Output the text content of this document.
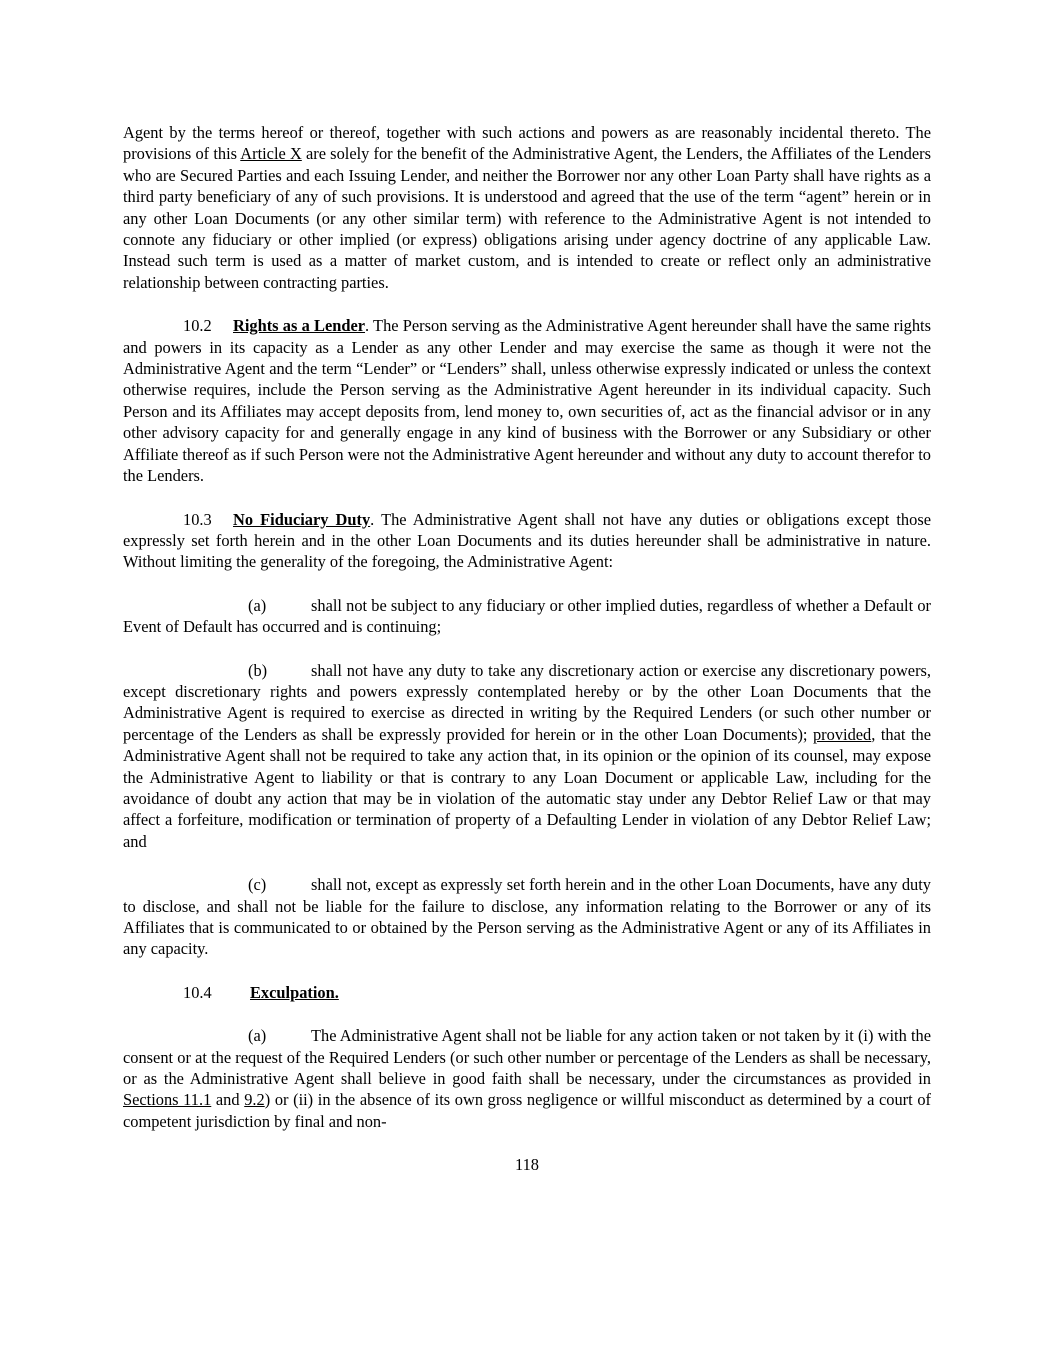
Agent by the terms hereof or thereof, together with such actions and powers as are reasonably incidental thereto. The provisions of this Article X are solely for the benefit of the Administrative Agent, the Lenders, the Affiliates of the Lenders who are Secured Parties and each Issuing Lender, and neither the Borrower nor any other Loan Party shall have rights as a third party beneficiary of any of such provisions. It is understood and agreed that the use of the term “agent” herein or in any other Loan Documents (or any other similar term) with reference to the Administrative Agent is not intended to connote any fiduciary or other implied (or express) obligations arising under agency doctrine of any applicable Law. Instead such term is used as a matter of market custom, and is intended to create or reflect only an administrative relationship between contracting parties.

10.2 Rights as a Lender. The Person serving as the Administrative Agent hereunder shall have the same rights and powers in its capacity as a Lender as any other Lender and may exercise the same as though it were not the Administrative Agent and the term “Lender” or “Lenders” shall, unless otherwise expressly indicated or unless the context otherwise requires, include the Person serving as the Administrative Agent hereunder in its individual capacity. Such Person and its Affiliates may accept deposits from, lend money to, own securities of, act as the financial advisor or in any other advisory capacity for and generally engage in any kind of business with the Borrower or any Subsidiary or other Affiliate thereof as if such Person were not the Administrative Agent hereunder and without any duty to account therefor to the Lenders.

10.3 No Fiduciary Duty. The Administrative Agent shall not have any duties or obligations except those expressly set forth herein and in the other Loan Documents and its duties hereunder shall be administrative in nature. Without limiting the generality of the foregoing, the Administrative Agent:

(a)	shall not be subject to any fiduciary or other implied duties, regardless of whether a Default or Event of Default has occurred and is continuing;

(b)	shall not have any duty to take any discretionary action or exercise any discretionary powers, except discretionary rights and powers expressly contemplated hereby or by the other Loan Documents that the Administrative Agent is required to exercise as directed in writing by the Required Lenders (or such other number or percentage of the Lenders as shall be expressly provided for herein or in the other Loan Documents); provided, that the Administrative Agent shall not be required to take any action that, in its opinion or the opinion of its counsel, may expose the Administrative Agent to liability or that is contrary to any Loan Document or applicable Law, including for the avoidance of doubt any action that may be in violation of the automatic stay under any Debtor Relief Law or that may affect a forfeiture, modification or termination of property of a Defaulting Lender in violation of any Debtor Relief Law; and

(c)	shall not, except as expressly set forth herein and in the other Loan Documents, have any duty to disclose, and shall not be liable for the failure to disclose, any information relating to the Borrower or any of its Affiliates that is communicated to or obtained by the Person serving as the Administrative Agent or any of its Affiliates in any capacity.

10.4 Exculpation.

(a)	The Administrative Agent shall not be liable for any action taken or not taken by it (i) with the consent or at the request of the Required Lenders (or such other number or percentage of the Lenders as shall be necessary, or as the Administrative Agent shall believe in good faith shall be necessary, under the circumstances as provided in Sections 11.1 and 9.2) or (ii) in the absence of its own gross negligence or willful misconduct as determined by a court of competent jurisdiction by final and non-

118
